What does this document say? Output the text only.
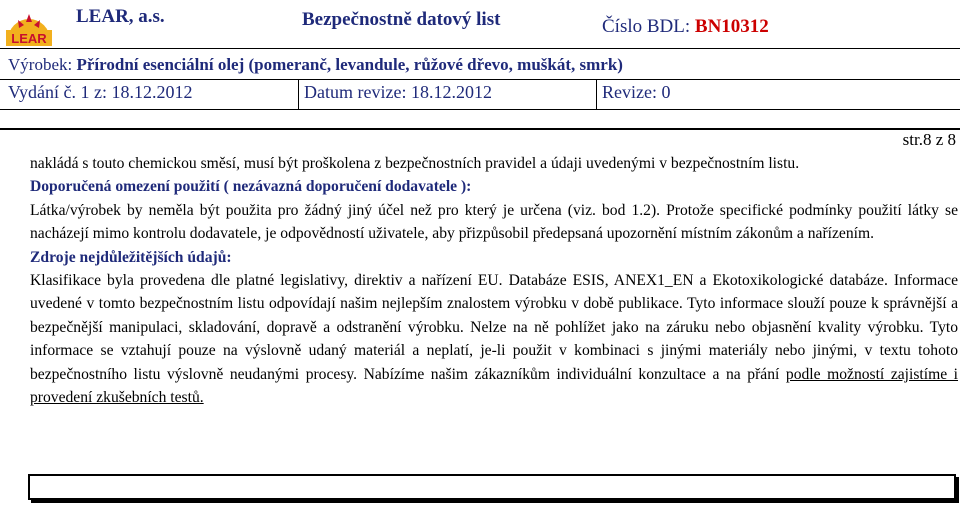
LEAR
LEAR, a.s.	Bezpečnostně datový list	Číslo BDL: BN10312
Výrobek: Přírodní esenciální olej (pomeranč, levandule, růžové dřevo, muškát, smrk)
Vydání č. 1 z: 18.12.2012	Datum revize: 18.12.2012	Revize: 0
str.8 z 8

nakládá s touto chemickou směsí, musí být proškolena z bezpečnostních pravidel a údaji uvedenými v bezpečnostním listu.

Doporučená omezení použití ( nezávazná doporučení dodavatele ):

Látka/výrobek by neměla být použita pro žádný jiný účel než pro který je určena (viz. bod 1.2). Protože specifické podmínky použití látky se nacházejí mimo kontrolu dodavatele, je odpovědností uživatele, aby přizpůsobil předepsaná upozornění místním zákonům a nařízením.

Zdroje nejdůležitějších údajů:

Klasifikace byla provedena dle platné legislativy, direktiv a nařízení EU. Databáze ESIS, ANEX1_EN a Ekotoxikologické databáze. Informace uvedené v tomto bezpečnostním listu odpovídají našim nejlepším znalostem výrobku v době publikace. Tyto informace slouží pouze k správnější a bezpečnější manipulaci, skladování, dopravě a odstranění výrobku. Nelze na ně pohlížet jako na záruku nebo objasnění kvality výrobku. Tyto informace se vztahují pouze na výslovně udaný materiál a neplatí, je-li použit v kombinaci s jinými materiály nebo jinými, v textu tohoto bezpečnostního listu výslovně neudanými procesy. Nabízíme našim zákazníkům individuální konzultace a na přání podle možností zajistíme i provedení zkušebních testů.
